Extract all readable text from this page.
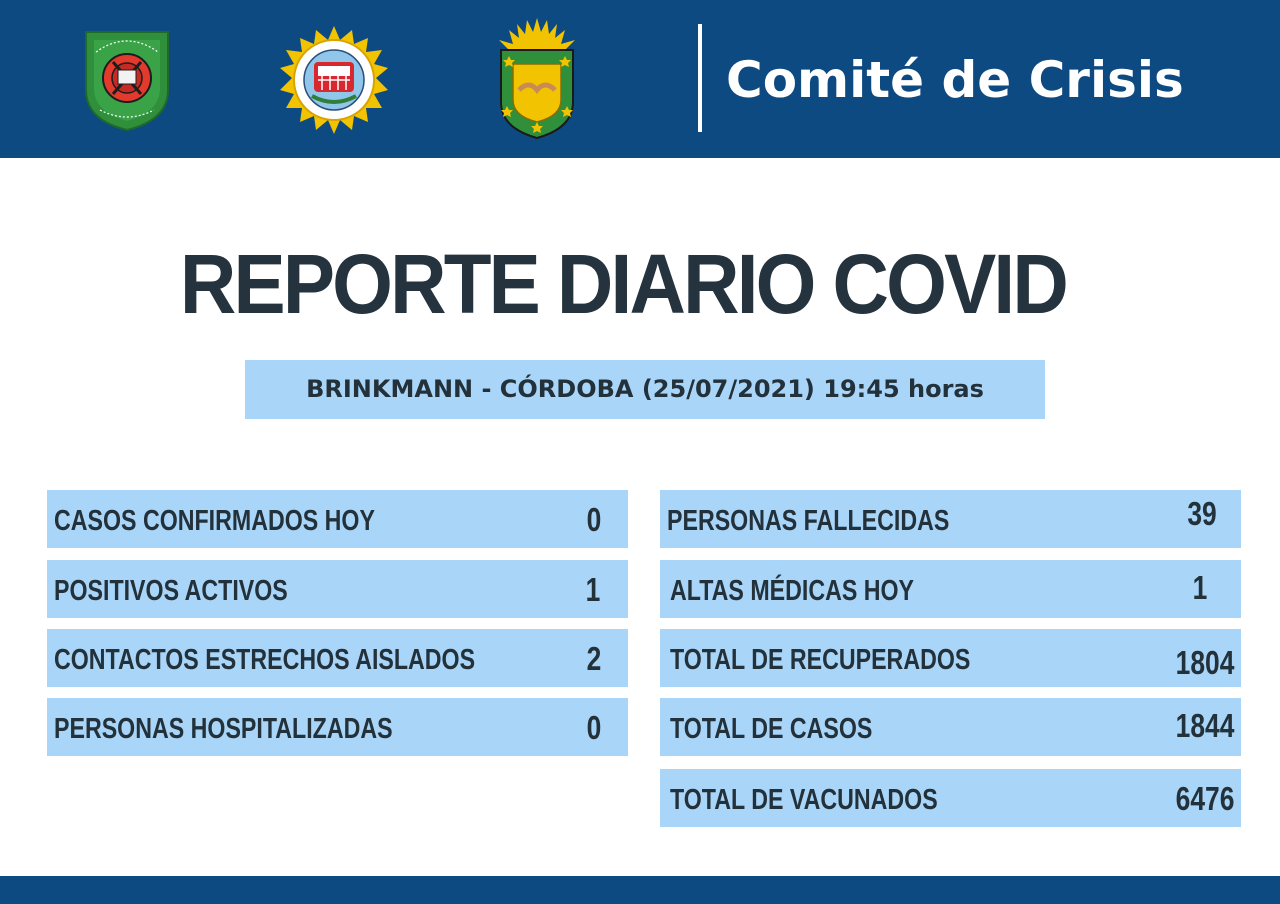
Comité de Crisis
REPORTE DIARIO COVID
BRINKMANN - CÓRDOBA (25/07/2021) 19:45 horas
CASOS CONFIRMADOS HOY	0
POSITIVOS ACTIVOS	1
CONTACTOS ESTRECHOS AISLADOS	2
PERSONAS HOSPITALIZADAS	0
PERSONAS FALLECIDAS	39
ALTAS MÉDICAS HOY	1
TOTAL DE RECUPERADOS	1804
TOTAL DE CASOS	1844
TOTAL DE VACUNADOS	6476
